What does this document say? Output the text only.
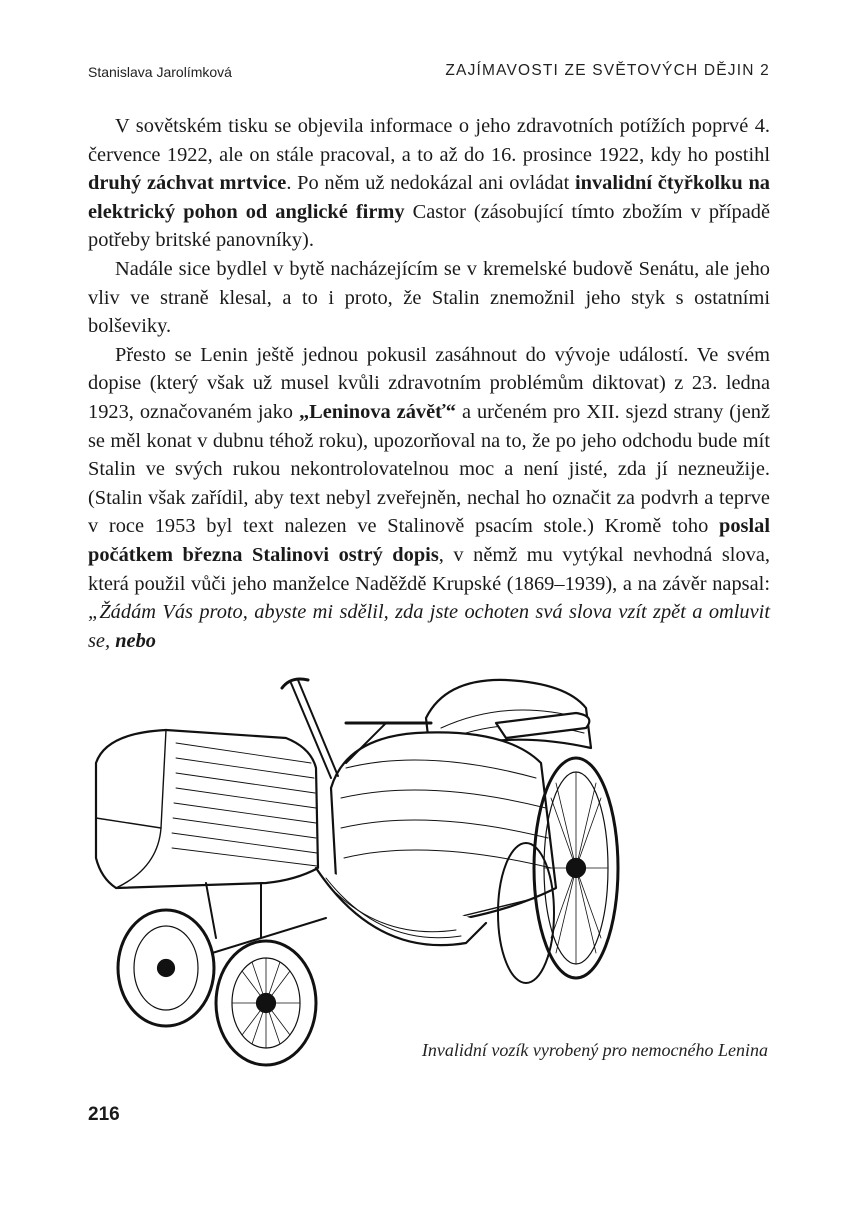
Stanislava Jarolímková	ZAJÍMAVOSTI ZE SVĚTOVÝCH DĚJIN 2

V sovětském tisku se objevila informace o jeho zdravotních potížích poprvé 4. července 1922, ale on stále pracoval, a to až do 16. prosince 1922, kdy ho postihl druhý záchvat mrtvice. Po něm už nedokázal ani ovládat invalidní čtyřkolku na elektrický pohon od anglické firmy Castor (zásobující tímto zbožím v případě potřeby britské panovníky).

Nadále sice bydlel v bytě nacházejícím se v kremelské budově Senátu, ale jeho vliv ve straně klesal, a to i proto, že Stalin znemožnil jeho styk s ostatními bolševiky.

Přesto se Lenin ještě jednou pokusil zasáhnout do vývoje událostí. Ve svém dopise (který však už musel kvůli zdravotním problémům diktovat) z 23. ledna 1923, označovaném jako „Leninova závěť“ a určeném pro XII. sjezd strany (jenž se měl konat v dubnu téhož roku), upozorňoval na to, že po jeho odchodu bude mít Stalin ve svých rukou nekontrolovatelnou moc a není jisté, zda jí nezneužije. (Stalin však zařídil, aby text nebyl zveřejněn, nechal ho označit za podvrh a teprve v roce 1953 byl text nalezen ve Stalinově psacím stole.) Kromě toho poslal počátkem března Stalinovi ostrý dopis, v němž mu vytýkal nevhodná slova, která použil vůči jeho manželce Naděždě Krupské (1869–1939), a na závěr napsal: „Žádám Vás proto, abyste mi sdělil, zda jste ochoten svá slova vzít zpět a omluvit se, nebo

Invalidní vozík vyrobený pro nemocného Lenina
216
